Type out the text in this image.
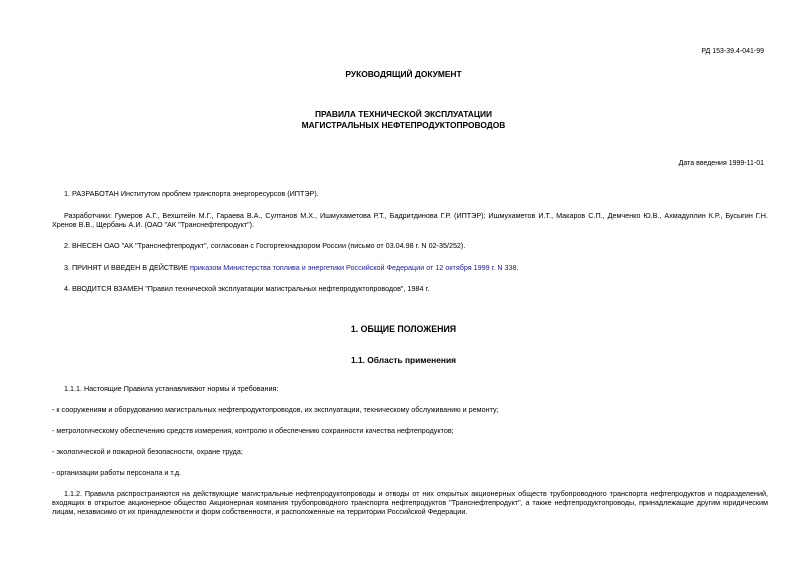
РД 153-39.4-041-99
РУКОВОДЯЩИЙ ДОКУМЕНТ
ПРАВИЛА ТЕХНИЧЕСКОЙ ЭКСПЛУАТАЦИИ
МАГИСТРАЛЬНЫХ НЕФТЕПРОДУКТОПРОВОДОВ
Дата введения 1999-11-01
1. РАЗРАБОТАН Институтом проблем транспорта энергоресурсов (ИПТЭР).
Разработчики: Гумеров А.Г., Вехштейн М.Г., Гараева В.А., Султанов М.Х., Ишмухаметова Р.Т., Бадритдинова Г.Р. (ИПТЭР); Ишмухаметов И.Т., Макаров С.П., Демченко Ю.В., Ахмадуллин К.Р., Бусыгин Г.Н. Хренов В.В., Щербань А.И. (ОАО "АК "Транснефтепродукт").
2. ВНЕСЕН ОАО "АК "Транснефтепродукт", согласован с Госгортехнадзором России (письмо от 03.04.98 г. N 02-35/252).
3. ПРИНЯТ И ВВЕДЕН В ДЕЙСТВИЕ приказом Министерства топлива и энергетики Российской Федерации от 12 октября 1999 г. N 338.
4. ВВОДИТСЯ ВЗАМЕН "Правил технической эксплуатации магистральных нефтепродуктопроводов", 1984 г.
1. ОБЩИЕ ПОЛОЖЕНИЯ
1.1. Область применения
1.1.1. Настоящие Правила устанавливают нормы и требования:
- к сооружениям и оборудованию магистральных нефтепродуктопроводов, их эксплуатации, техническому обслуживанию и ремонту;
- метрологическому обеспечению средств измерения, контролю и обеспечению сохранности качества нефтепродуктов;
- экологической и пожарной безопасности, охране труда;
- организации работы персонала и т.д.
1.1.2. Правила распространяются на действующие магистральные нефтепродуктопроводы и отводы от них открытых акционерных обществ трубопроводного транспорта нефтепродуктов и подразделений, входящих в открытое акционерное общество Акционерная компания трубопроводного транспорта нефтепродуктов "Транснефтепродукт", а также нефтепродуктопроводы, принадлежащие другим юридическим лицам, независимо от их принадлежности и форм собственности, и расположенные на территории Российской Федерации.
